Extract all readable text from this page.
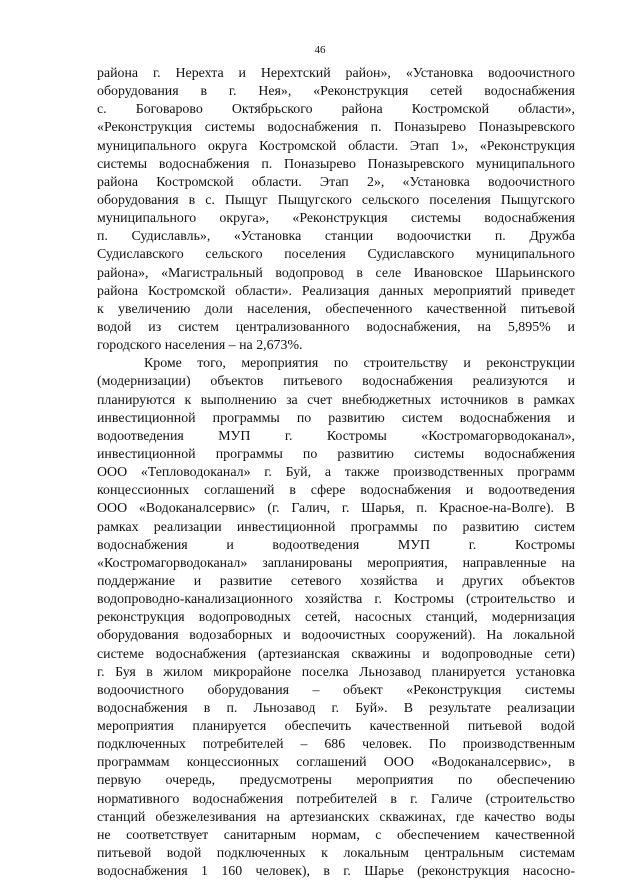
46
района г. Нерехта и Нерехтский район», «Установка водоочистного
оборудования в г. Нея», «Реконструкция сетей водоснабжения
с. Боговарово Октябрьского района Костромской области»,
«Реконструкция системы водоснабжения п. Поназырево Поназыревского
муниципального округа Костромской области. Этап 1», «Реконструкция
системы водоснабжения п. Поназырево Поназыревского муниципального
района Костромской области. Этап 2», «Установка водоочистного
оборудования в с. Пыщуг Пыщугского сельского поселения Пыщугского
муниципального округа», «Реконструкция системы водоснабжения
п. Судиславль», «Установка станции водоочистки п. Дружба
Судиславского сельского поселения Судиславского муниципального
района», «Магистральный водопровод в селе Ивановское Шарьинского
района Костромской области». Реализация данных мероприятий приведет
к увеличению доли населения, обеспеченного качественной питьевой
водой из систем централизованного водоснабжения, на 5,895% и
городского населения – на 2,673%.
Кроме того, мероприятия по строительству и реконструкции
(модернизации) объектов питьевого водоснабжения реализуются и
планируются к выполнению за счет внебюджетных источников в рамках
инвестиционной программы по развитию систем водоснабжения и
водоотведения МУП г. Костромы «Костромагорводоканал»,
инвестиционной программы по развитию системы водоснабжения
ООО «Тепловодоканал» г. Буй, а также производственных программ
концессионных соглашений в сфере водоснабжения и водоотведения
ООО «Водоканалсервис» (г. Галич, г. Шарья, п. Красное-на-Волге). В
рамках реализации инвестиционной программы по развитию систем
водоснабжения и водоотведения МУП г. Костромы
«Костромагорводоканал» запланированы мероприятия, направленные на
поддержание и развитие сетевого хозяйства и других объектов
водопроводно-канализационного хозяйства г. Костромы (строительство и
реконструкция водопроводных сетей, насосных станций, модернизация
оборудования водозаборных и водоочистных сооружений). На локальной
системе водоснабжения (артезианская скважины и водопроводные сети)
г. Буя в жилом микрорайоне поселка Льнозавод планируется установка
водоочистного оборудования – объект «Реконструкция системы
водоснабжения в п. Льнозавод г. Буй». В результате реализации
мероприятия планируется обеспечить качественной питьевой водой
подключенных потребителей – 686 человек. По производственным
программам концессионных соглашений ООО «Водоканалсервис», в
первую очередь, предусмотрены мероприятия по обеспечению
нормативного водоснабжения потребителей в г. Галиче (строительство
станций обезжелезивания на артезианских скважинах, где качество воды
не соответствует санитарным нормам, с обеспечением качественной
питьевой водой подключенных к локальным центральным системам
водоснабжения 1 160 человек), в г. Шарье (реконструкция насосно-
